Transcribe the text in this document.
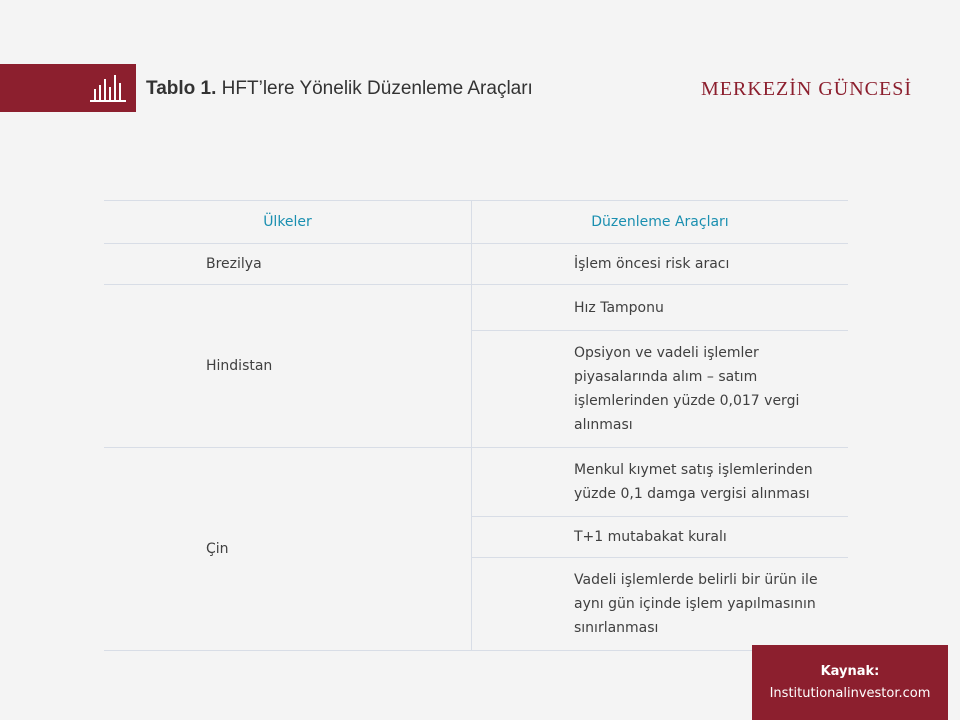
Tablo 1. HFT’lere Yönelik Düzenleme Araçları	MERKEZİN GÜNCESİ
Ülkeler	Düzenleme Araçları
Brezilya	İşlem öncesi risk aracı
Hindistan	Hız Tamponu
	Opsiyon ve vadeli işlemler piyasalarında alım – satım işlemlerinden yüzde 0,017 vergi alınması
Çin	Menkul kıymet satış işlemlerinden yüzde 0,1 damga vergisi alınması
	T+1 mutabakat kuralı
	Vadeli işlemlerde belirli bir ürün ile aynı gün içinde işlem yapılmasının sınırlanması
Kaynak:
Institutionalinvestor.com
